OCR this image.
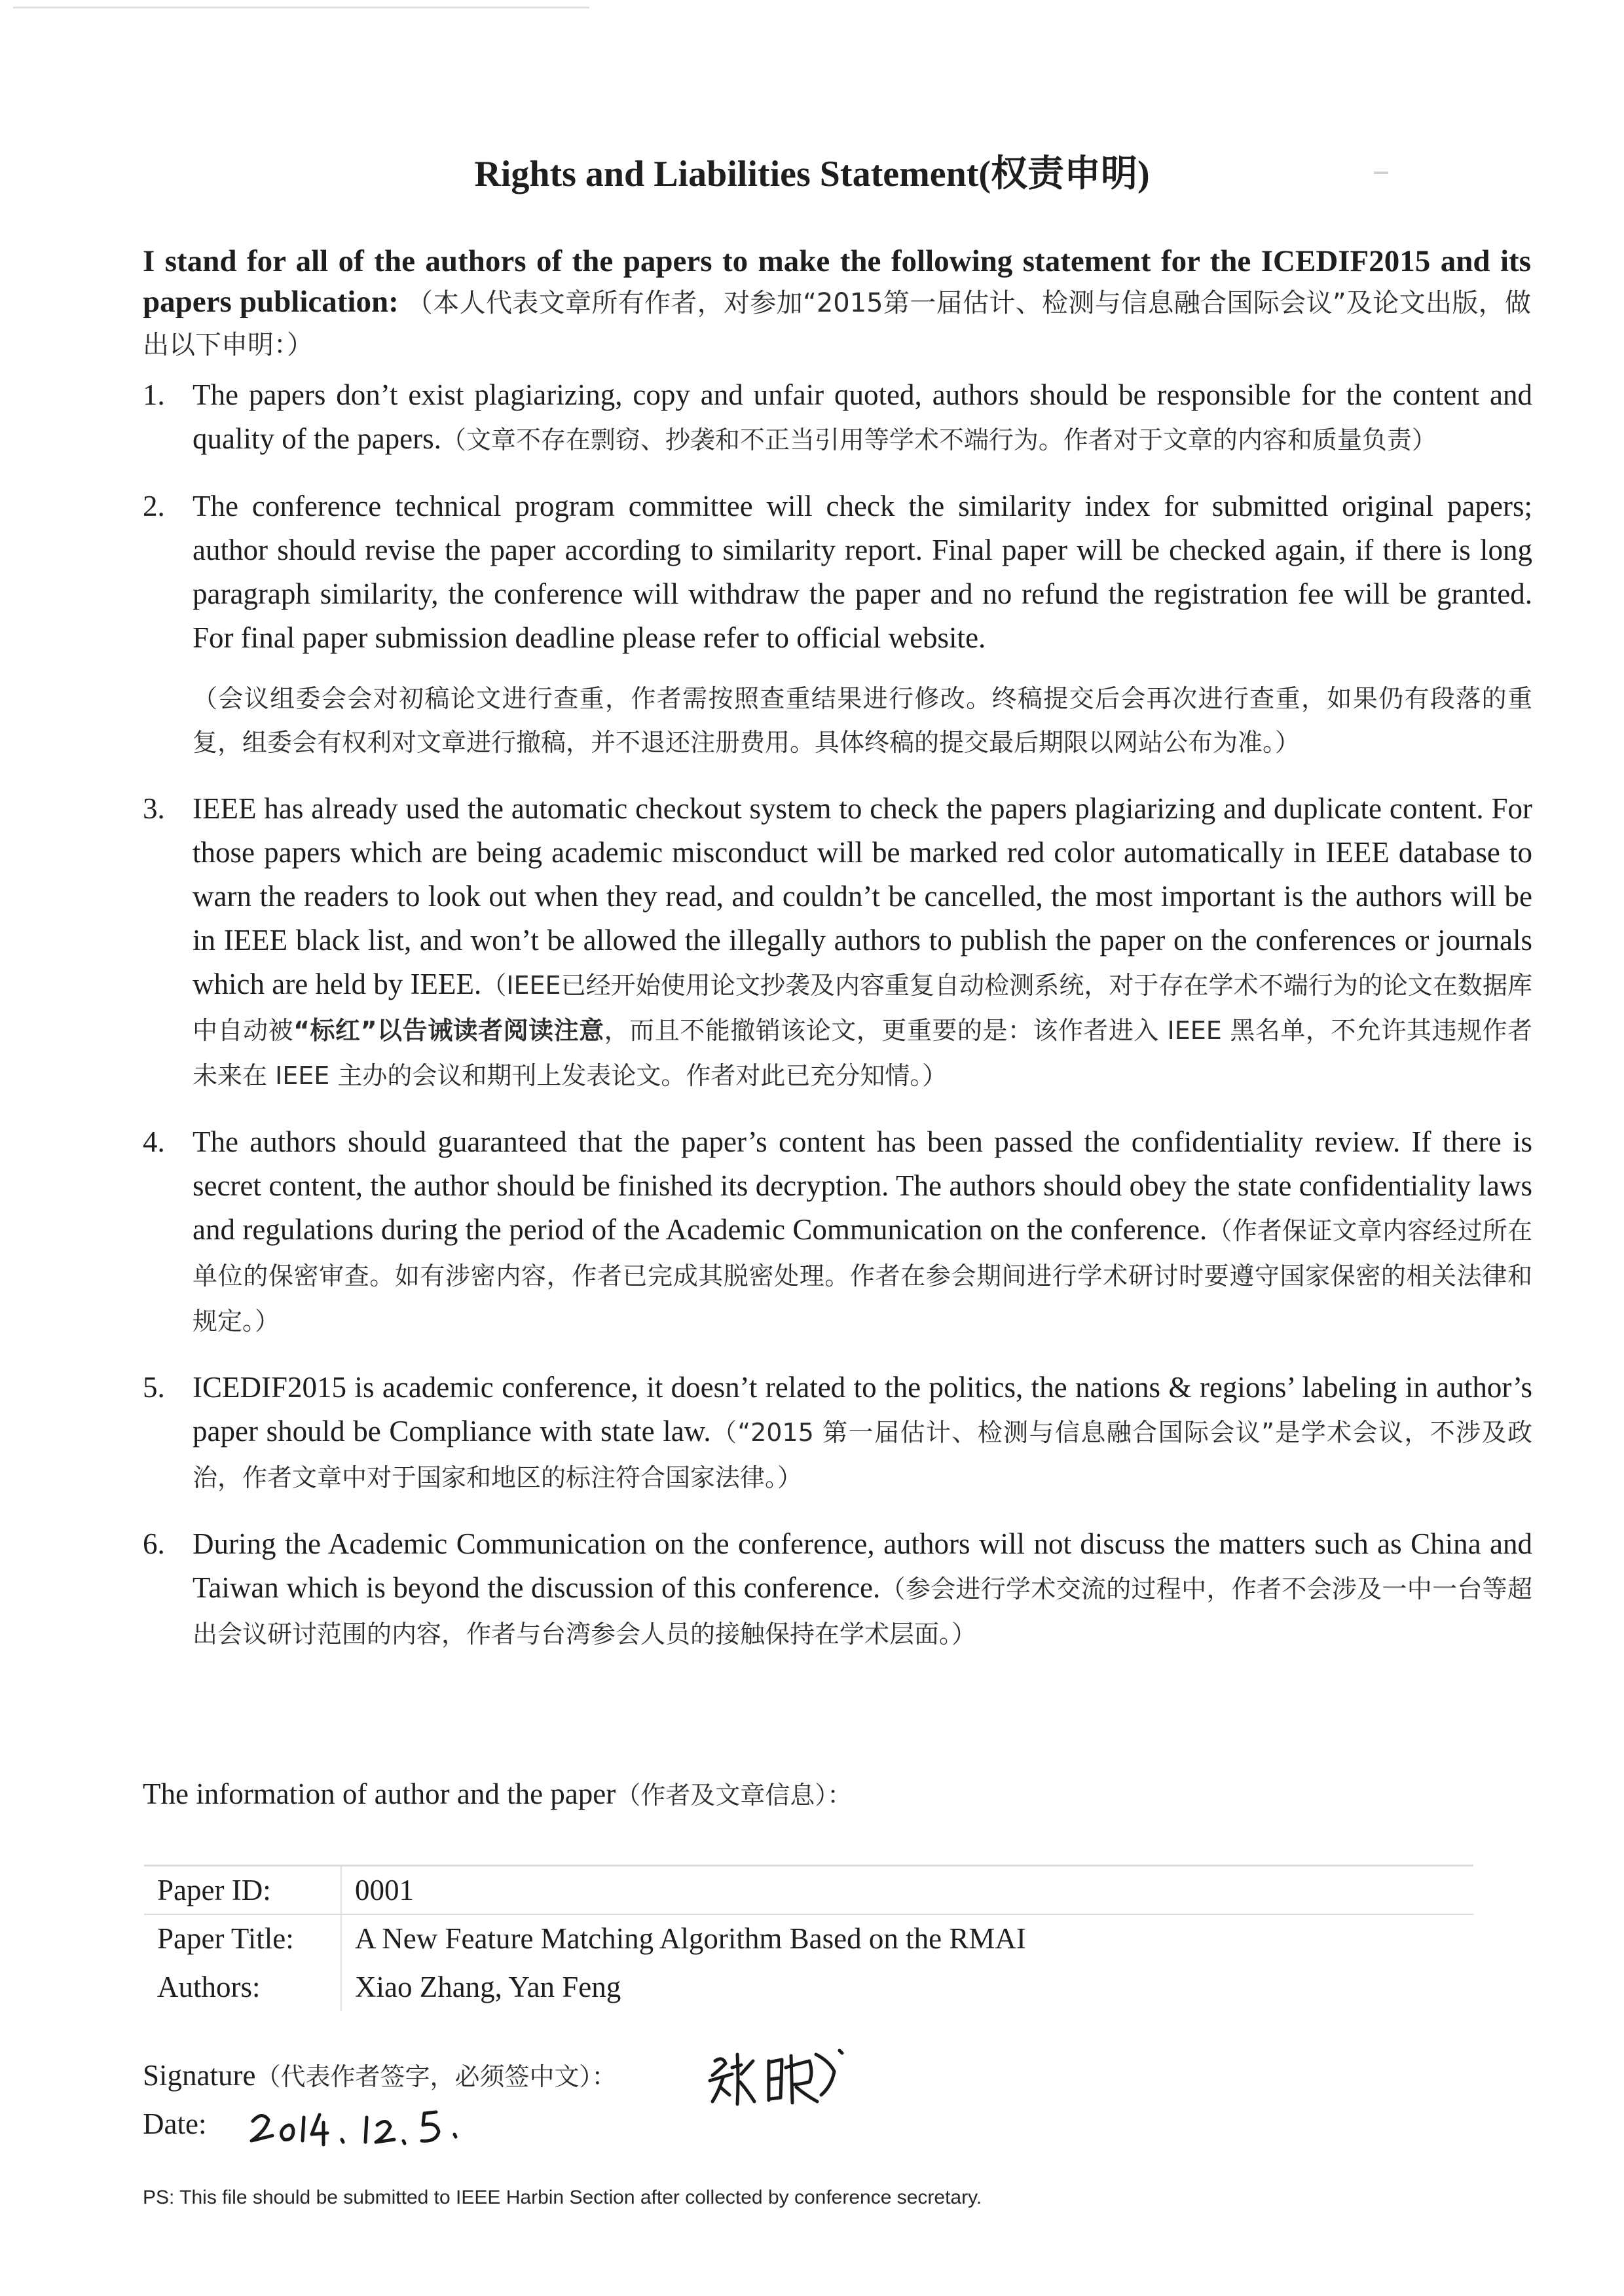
Rights and Liabilities Statement(权责申明)
I stand for all of the authors of the papers to make the following statement for the ICEDIF2015 and its papers publication: （本人代表文章所有作者，对参加“2015第一届估计、检测与信息融合国际会议”及论文出版，做出以下申明：）
1. The papers don’t exist plagiarizing, copy and unfair quoted, authors should be responsible for the content and quality of the papers.（文章不存在剽窃、抄袭和不正当引用等学术不端行为。作者对于文章的内容和质量负责）
2. The conference technical program committee will check the similarity index for submitted original papers; author should revise the paper according to similarity report. Final paper will be checked again, if there is long paragraph similarity, the conference will withdraw the paper and no refund the registration fee will be granted. For final paper submission deadline please refer to official website.
（会议组委会会对初稿论文进行查重，作者需按照查重结果进行修改。终稿提交后会再次进行查重，如果仍有段落的重复，组委会有权利对文章进行撤稿，并不退还注册费用。具体终稿的提交最后期限以网站公布为准。）
3. IEEE has already used the automatic checkout system to check the papers plagiarizing and duplicate content. For those papers which are being academic misconduct will be marked red color automatically in IEEE database to warn the readers to look out when they read, and couldn’t be cancelled, the most important is the authors will be in IEEE black list, and won’t be allowed the illegally authors to publish the paper on the conferences or journals which are held by IEEE.（IEEE已经开始使用论文抄袭及内容重复自动检测系统，对于存在学术不端行为的论文在数据库中自动被“标红”以告诫读者阅读注意，而且不能撤销该论文，更重要的是：该作者进入 IEEE 黑名单，不允许其违规作者未来在 IEEE 主办的会议和期刊上发表论文。作者对此已充分知情。）
4. The authors should guaranteed that the paper’s content has been passed the confidentiality review. If there is secret content, the author should be finished its decryption. The authors should obey the state confidentiality laws and regulations during the period of the Academic Communication on the conference.（作者保证文章内容经过所在单位的保密审查。如有涉密内容，作者已完成其脱密处理。作者在参会期间进行学术研讨时要遵守国家保密的相关法律和规定。）
5. ICEDIF2015 is academic conference, it doesn’t related to the politics, the nations & regions’ labeling in author’s paper should be Compliance with state law.（“2015 第一届估计、检测与信息融合国际会议”是学术会议，不涉及政治，作者文章中对于国家和地区的标注符合国家法律。）
6. During the Academic Communication on the conference, authors will not discuss the matters such as China and Taiwan which is beyond the discussion of this conference.（参会进行学术交流的过程中，作者不会涉及一中一台等超出会议研讨范围的内容，作者与台湾参会人员的接触保持在学术层面。）
The information of author and the paper（作者及文章信息）：
Paper ID:	0001
Paper Title:	A New Feature Matching Algorithm Based on the RMAI
Authors:	Xiao Zhang, Yan Feng
Signature（代表作者签字，必须签中文）：
Date:
PS: This file should be submitted to IEEE Harbin Section after collected by conference secretary.
